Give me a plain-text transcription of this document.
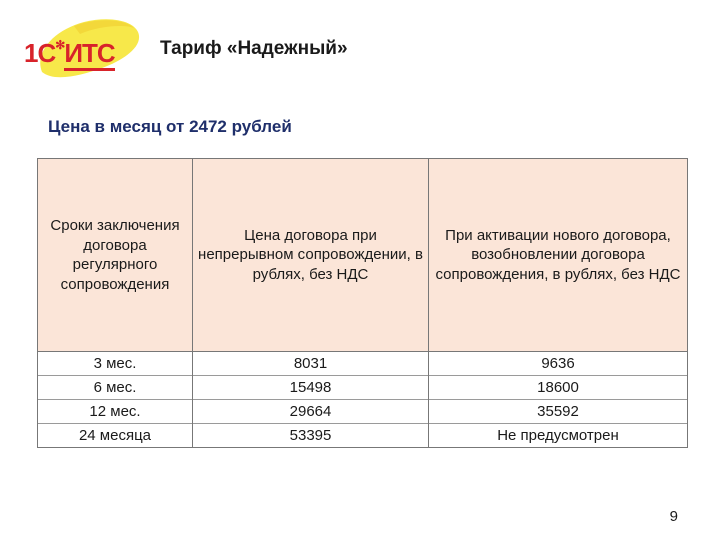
1С✻ИТС Тариф «Надежный»
Цена в месяц от 2472 рублей
Сроки заключения договора регулярного сопровождения	Цена договора при непрерывном сопровождении, в рублях, без НДС	При активации нового договора, возобновлении договора сопровождения, в рублях, без НДС
3 мес.	8031	9636
6 мес.	15498	18600
12 мес.	29664	35592
24 месяца	53395	Не предусмотрен
9
